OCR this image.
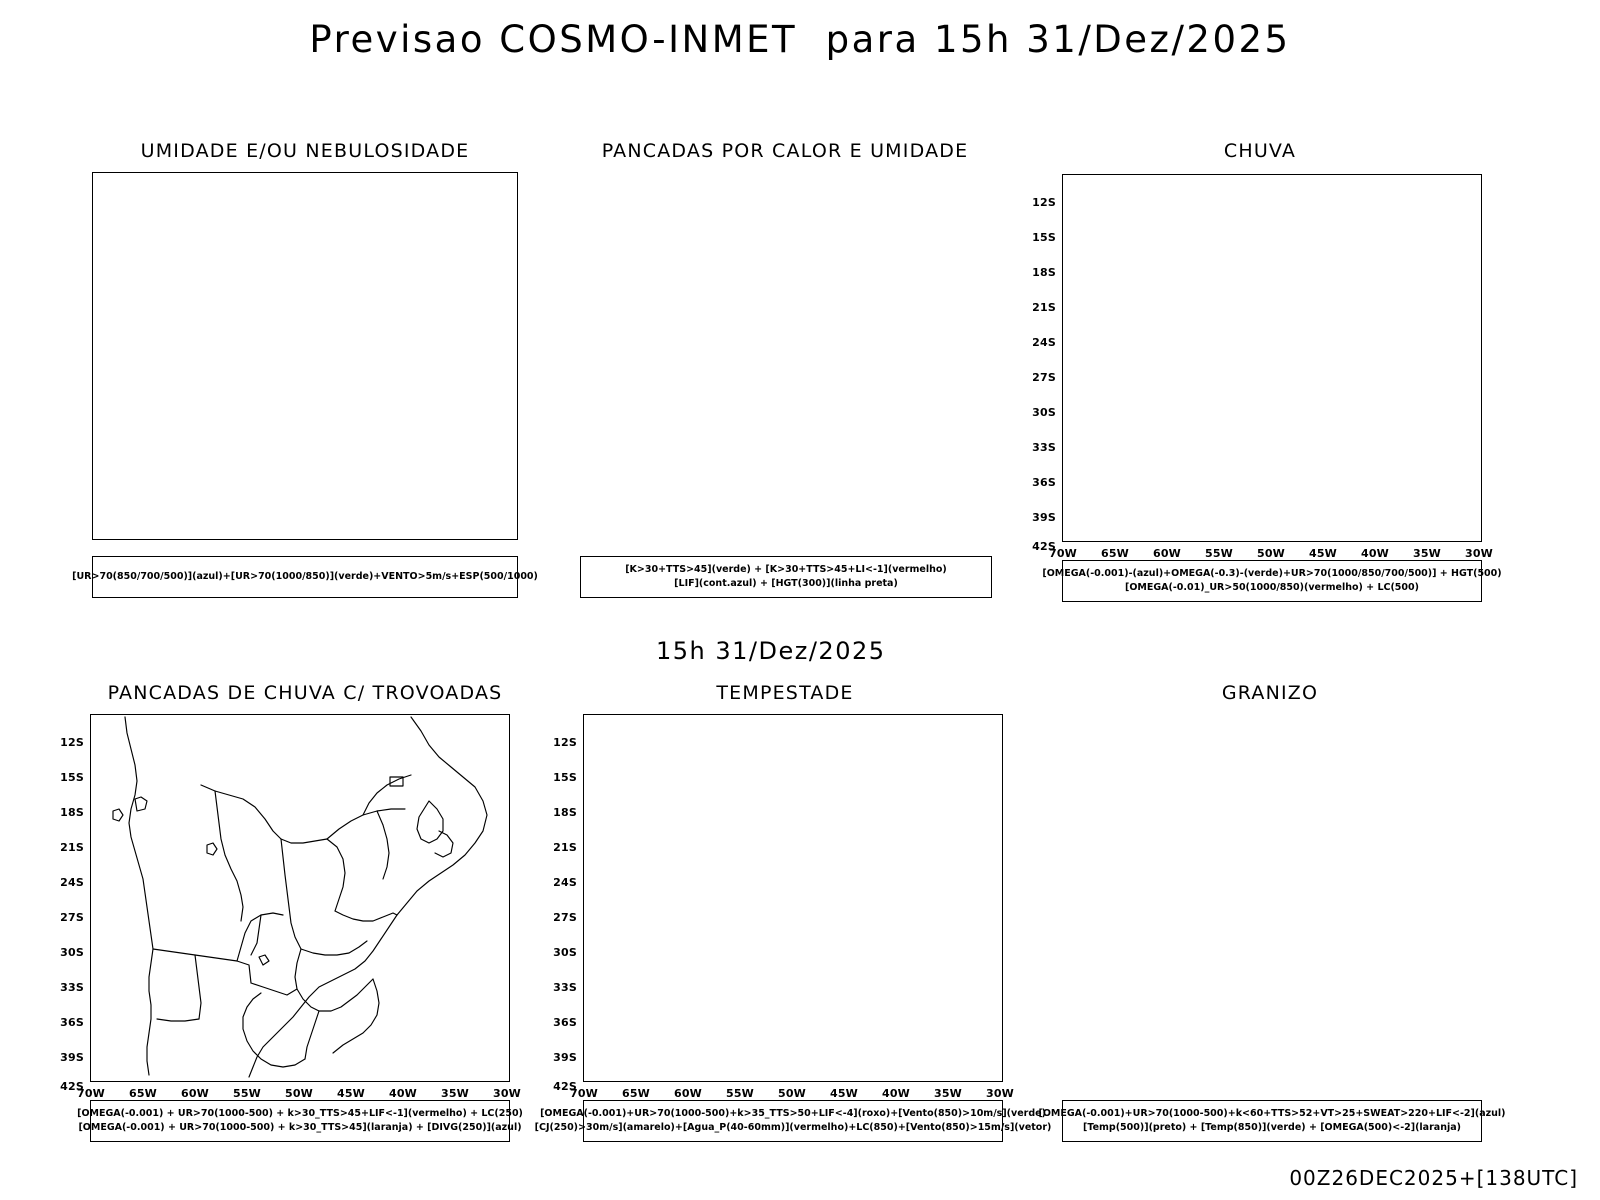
Previsao COSMO-INMET  para 15h 31/Dez/2025
UMIDADE E/OU NEBULOSIDADE
[UR>70(850/700/500)](azul)+[UR>70(1000/850)](verde)+VENTO>5m/s+ESP(500/1000)
PANCADAS POR CALOR E UMIDADE
[K>30+TTS>45](verde) + [K>30+TTS>45+LI<-1](vermelho)
[LIF](cont.azul) + [HGT(300)](linha preta)
CHUVA
12S
15S
18S
21S
24S
27S
30S
33S
36S
39S
42S
70W	65W	60W	55W	50W	45W	40W	35W	30W
[OMEGA(-0.001)-(azul)+OMEGA(-0.3)-(verde)+UR>70(1000/850/700/500)] + HGT(500)
[OMEGA(-0.01)_UR>50(1000/850)(vermelho) + LC(500)
15h 31/Dez/2025
PANCADAS DE CHUVA C/ TROVOADAS
12S
15S
18S
21S
24S
27S
30S
33S
36S
39S
42S
70W	65W	60W	55W	50W	45W	40W	35W	30W
[OMEGA(-0.001) + UR>70(1000-500) + k>30_TTS>45+LIF<-1](vermelho) + LC(250)
[OMEGA(-0.001) + UR>70(1000-500) + k>30_TTS>45](laranja) + [DIVG(250)](azul)
TEMPESTADE
12S
15S
18S
21S
24S
27S
30S
33S
36S
39S
42S
70W	65W	60W	55W	50W	45W	40W	35W	30W
[OMEGA(-0.001)+UR>70(1000-500)+k>35_TTS>50+LIF<-4](roxo)+[Vento(850)>10m/s](verde)
[CJ(250)>30m/s](amarelo)+[Agua_P(40-60mm)](vermelho)+LC(850)+[Vento(850)>15m/s](vetor)
GRANIZO
[OMEGA(-0.001)+UR>70(1000-500)+k<60+TTS>52+VT>25+SWEAT>220+LIF<-2](azul)
[Temp(500)](preto) + [Temp(850)](verde) + [OMEGA(500)<-2](laranja)
00Z26DEC2025+[138UTC]
